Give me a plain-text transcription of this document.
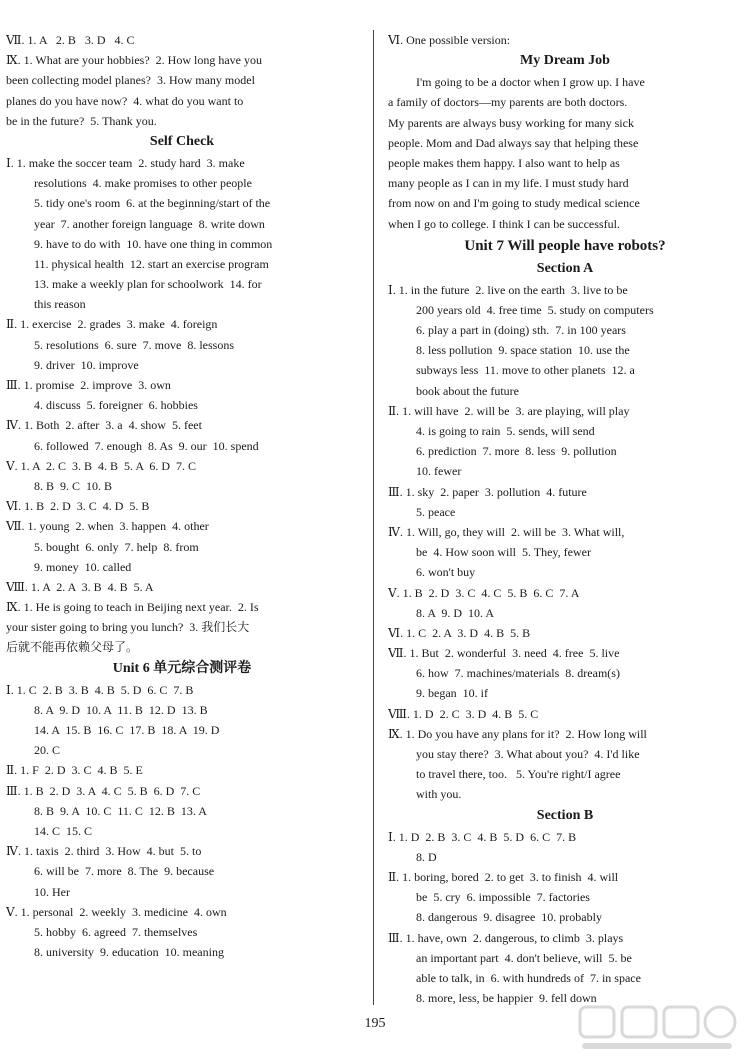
Ⅶ. 1. A   2. B   3. D   4. C
Ⅸ. 1. What are your hobbies?  2. How long have you
been collecting model planes?  3. How many model
planes do you have now?  4. what do you want to
be in the future?  5. Thank you.
Self Check
Ⅰ. 1. make the soccer team  2. study hard  3. make
resolutions  4. make promises to other people
5. tidy one's room  6. at the beginning/start of the
year  7. another foreign language  8. write down
9. have to do with  10. have one thing in common
11. physical health  12. start an exercise program
13. make a weekly plan for schoolwork  14. for
this reason
Ⅱ. 1. exercise  2. grades  3. make  4. foreign
5. resolutions  6. sure  7. move  8. lessons
9. driver  10. improve
Ⅲ. 1. promise  2. improve  3. own
4. discuss  5. foreigner  6. hobbies
Ⅳ. 1. Both  2. after  3. a  4. show  5. feet
6. followed  7. enough  8. As  9. our  10. spend
Ⅴ. 1. A  2. C  3. B  4. B  5. A  6. D  7. C
8. B  9. C  10. B
Ⅵ. 1. B  2. D  3. C  4. D  5. B
Ⅶ. 1. young  2. when  3. happen  4. other
5. bought  6. only  7. help  8. from
9. money  10. called
Ⅷ. 1. A  2. A  3. B  4. B  5. A
Ⅸ. 1. He is going to teach in Beijing next year.  2. Is
your sister going to bring you lunch?  3. 我们长大
后就不能再依赖父母了。
Unit 6 单元综合测评卷
Ⅰ. 1. C  2. B  3. B  4. B  5. D  6. C  7. B
8. A  9. D  10. A  11. B  12. D  13. B
14. A  15. B  16. C  17. B  18. A  19. D
20. C
Ⅱ. 1. F  2. D  3. C  4. B  5. E
Ⅲ. 1. B  2. D  3. A  4. C  5. B  6. D  7. C
8. B  9. A  10. C  11. C  12. B  13. A
14. C  15. C
Ⅳ. 1. taxis  2. third  3. How  4. but  5. to
6. will be  7. more  8. The  9. because
10. Her
Ⅴ. 1. personal  2. weekly  3. medicine  4. own
5. hobby  6. agreed  7. themselves
8. university  9. education  10. meaning
Ⅵ. One possible version:
My Dream Job
I'm going to be a doctor when I grow up. I have
a family of doctors—my parents are both doctors.
My parents are always busy working for many sick
people. Mom and Dad always say that helping these
people makes them happy. I also want to help as
many people as I can in my life. I must study hard
from now on and I'm going to study medical science
when I go to college. I think I can be successful.
Unit 7 Will people have robots?
Section A
Ⅰ. 1. in the future  2. live on the earth  3. live to be
200 years old  4. free time  5. study on computers
6. play a part in (doing) sth.  7. in 100 years
8. less pollution  9. space station  10. use the
subways less  11. move to other planets  12. a
book about the future
Ⅱ. 1. will have  2. will be  3. are playing, will play
4. is going to rain  5. sends, will send
6. prediction  7. more  8. less  9. pollution
10. fewer
Ⅲ. 1. sky  2. paper  3. pollution  4. future
5. peace
Ⅳ. 1. Will, go, they will  2. will be  3. What will,
be  4. How soon will  5. They, fewer
6. won't buy
Ⅴ. 1. B  2. D  3. C  4. C  5. B  6. C  7. A
8. A  9. D  10. A
Ⅵ. 1. C  2. A  3. D  4. B  5. B
Ⅶ. 1. But  2. wonderful  3. need  4. free  5. live
6. how  7. machines/materials  8. dream(s)
9. began  10. if
Ⅷ. 1. D  2. C  3. D  4. B  5. C
Ⅸ. 1. Do you have any plans for it?  2. How long will
you stay there?  3. What about you?  4. I'd like
to travel there, too.   5. You're right/I agree
with you.
Section B
Ⅰ. 1. D  2. B  3. C  4. B  5. D  6. C  7. B
8. D
Ⅱ. 1. boring, bored  2. to get  3. to finish  4. will
be  5. cry  6. impossible  7. factories
8. dangerous  9. disagree  10. probably
Ⅲ. 1. have, own  2. dangerous, to climb  3. plays
an important part  4. don't believe, will  5. be
able to talk, in  6. with hundreds of  7. in space
8. more, less, be happier  9. fell down
195
